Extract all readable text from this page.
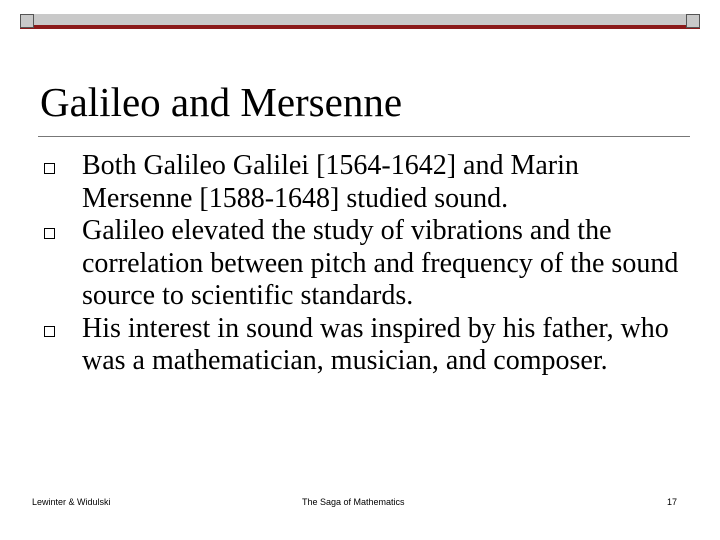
Galileo and Mersenne
Both Galileo Galilei [1564-1642] and Marin Mersenne [1588-1648] studied sound.
Galileo elevated the study of vibrations and the correlation between pitch and frequency of the sound source to scientific standards.
His interest in sound was inspired by his father, who was a mathematician, musician, and composer.
Lewinter & Widulski	The Saga of Mathematics	17
